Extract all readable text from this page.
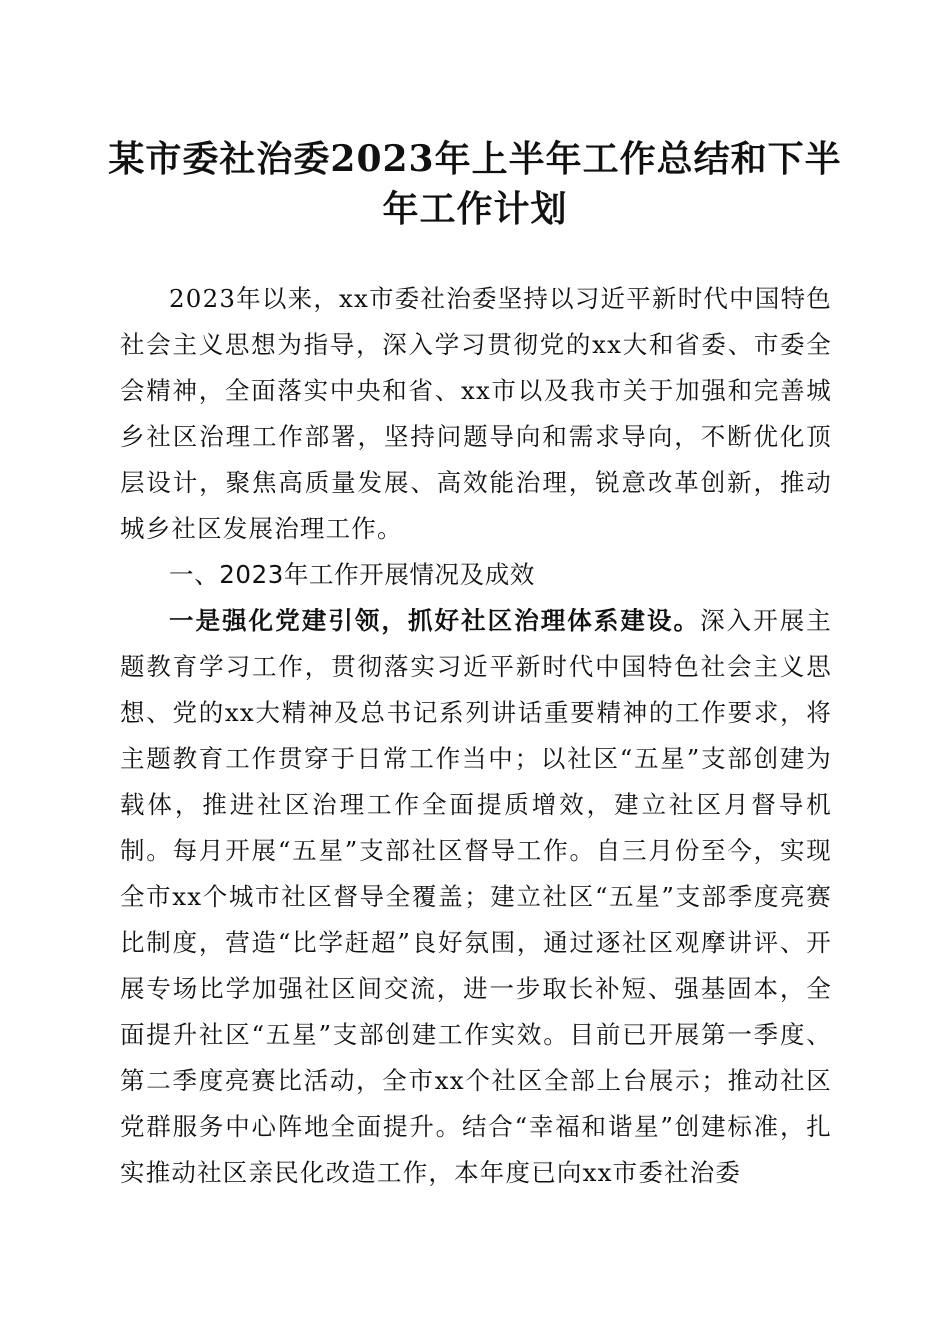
某市委社治委2023年上半年工作总结和下半年工作计划

2023年以来，xx市委社治委坚持以习近平新时代中国特色社会主义思想为指导，深入学习贯彻党的xx大和省委、市委全会精神，全面落实中央和省、xx市以及我市关于加强和完善城乡社区治理工作部署，坚持问题导向和需求导向，不断优化顶层设计，聚焦高质量发展、高效能治理，锐意改革创新，推动城乡社区发展治理工作。

一、2023年工作开展情况及成效

一是强化党建引领，抓好社区治理体系建设。深入开展主题教育学习工作，贯彻落实习近平新时代中国特色社会主义思想、党的xx大精神及总书记系列讲话重要精神的工作要求，将主题教育工作贯穿于日常工作当中；以社区“五星”支部创建为载体，推进社区治理工作全面提质增效，建立社区月督导机制。每月开展“五星”支部社区督导工作。自三月份至今，实现全市xx个城市社区督导全覆盖；建立社区“五星”支部季度亮赛比制度，营造“比学赶超”良好氛围，通过逐社区观摩讲评、开展专场比学加强社区间交流，进一步取长补短、强基固本，全面提升社区“五星”支部创建工作实效。目前已开展第一季度、第二季度亮赛比活动，全市xx个社区全部上台展示；推动社区党群服务中心阵地全面提升。结合“幸福和谐星”创建标准，扎实推动社区亲民化改造工作，本年度已向xx市委社治委
